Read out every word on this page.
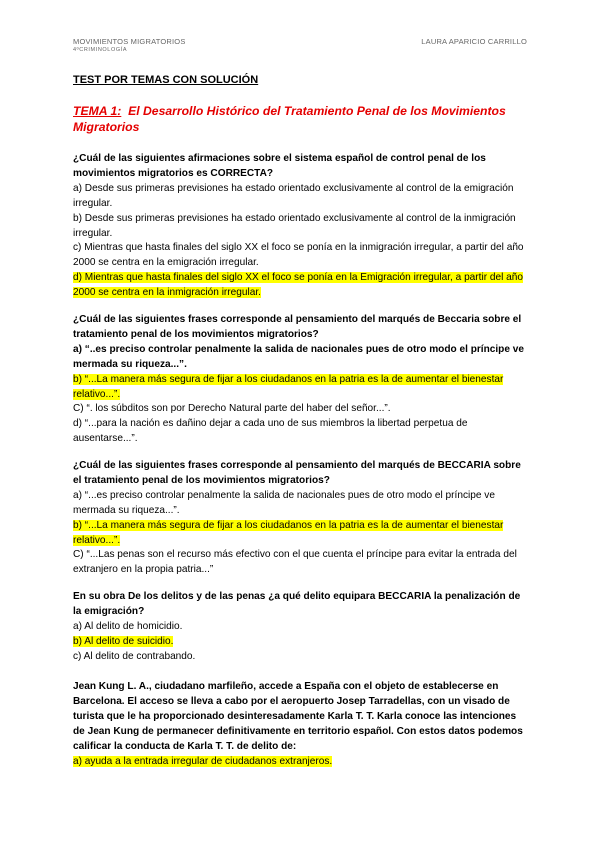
MOVIMIENTOS MIGRATORIOS
4ºCRIMINOLOGÍA
LAURA APARICIO CARRILLO
TEST POR TEMAS CON SOLUCIÓN
TEMA 1: El Desarrollo Histórico del Tratamiento Penal de los Movimientos Migratorios
¿Cuál de las siguientes afirmaciones sobre el sistema español de control penal de los movimientos migratorios es CORRECTA?
a) Desde sus primeras previsiones ha estado orientado exclusivamente al control de la emigración irregular.
b) Desde sus primeras previsiones ha estado orientado exclusivamente al control de la inmigración irregular.
c) Mientras que hasta finales del siglo XX el foco se ponía en la inmigración irregular, a partir del año 2000 se centra en la emigración irregular.
d) Mientras que hasta finales del siglo XX el foco se ponía en la Emigración irregular, a partir del año 2000 se centra en la inmigración irregular.
¿Cuál de las siguientes frases corresponde al pensamiento del marqués de Beccaria sobre el tratamiento penal de los movimientos migratorios?
a) “..es preciso controlar penalmente la salida de nacionales pues de otro modo el príncipe ve mermada su riqueza...”.
b) “...La manera más segura de fijar a los ciudadanos en la patria es la de aumentar el bienestar relativo...”.
C) “. los súbditos son por Derecho Natural parte del haber del señor...”.
d) “...para la nación es dañino dejar a cada uno de sus miembros la libertad perpetua de ausentarse...”.
¿Cuál de las siguientes frases corresponde al pensamiento del marqués de BECCARIA sobre el tratamiento penal de los movimientos migratorios?
a) “...es preciso controlar penalmente la salida de nacionales pues de otro modo el príncipe ve mermada su riqueza...”.
b) “...La manera más segura de fijar a los ciudadanos en la patria es la de aumentar el bienestar relativo...”.
C) “...Las penas son el recurso más efectivo con el que cuenta el príncipe para evitar la entrada del extranjero en la propia patria...”
En su obra De los delitos y de las penas ¿a qué delito equipara BECCARIA la penalización de la emigración?
a) Al delito de homicidio.
b) Al delito de suicidio.
c) Al delito de contrabando.
Jean Kung L. A., ciudadano marfileño, accede a España con el objeto de establecerse en Barcelona. El acceso se lleva a cabo por el aeropuerto Josep Tarradellas, con un visado de turista que le ha proporcionado desinteresadamente Karla T. T. Karla conoce las intenciones de Jean Kung de permanecer definitivamente en territorio español. Con estos datos podemos calificar la conducta de Karla T. T. de delito de:
a) ayuda a la entrada irregular de ciudadanos extranjeros.
